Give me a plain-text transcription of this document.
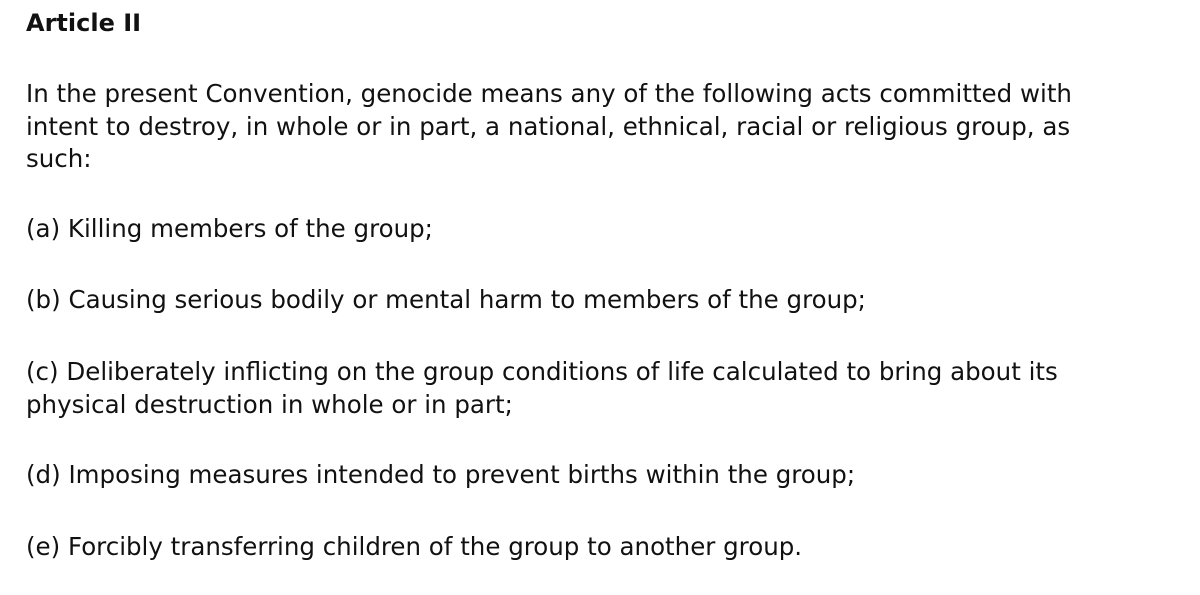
Article II

In the present Convention, genocide means any of the following acts committed with
intent to destroy, in whole or in part, a national, ethnical, racial or religious group, as
such:

(a) Killing members of the group;

(b) Causing serious bodily or mental harm to members of the group;

(c) Deliberately inflicting on the group conditions of life calculated to bring about its
physical destruction in whole or in part;

(d) Imposing measures intended to prevent births within the group;

(e) Forcibly transferring children of the group to another group.
